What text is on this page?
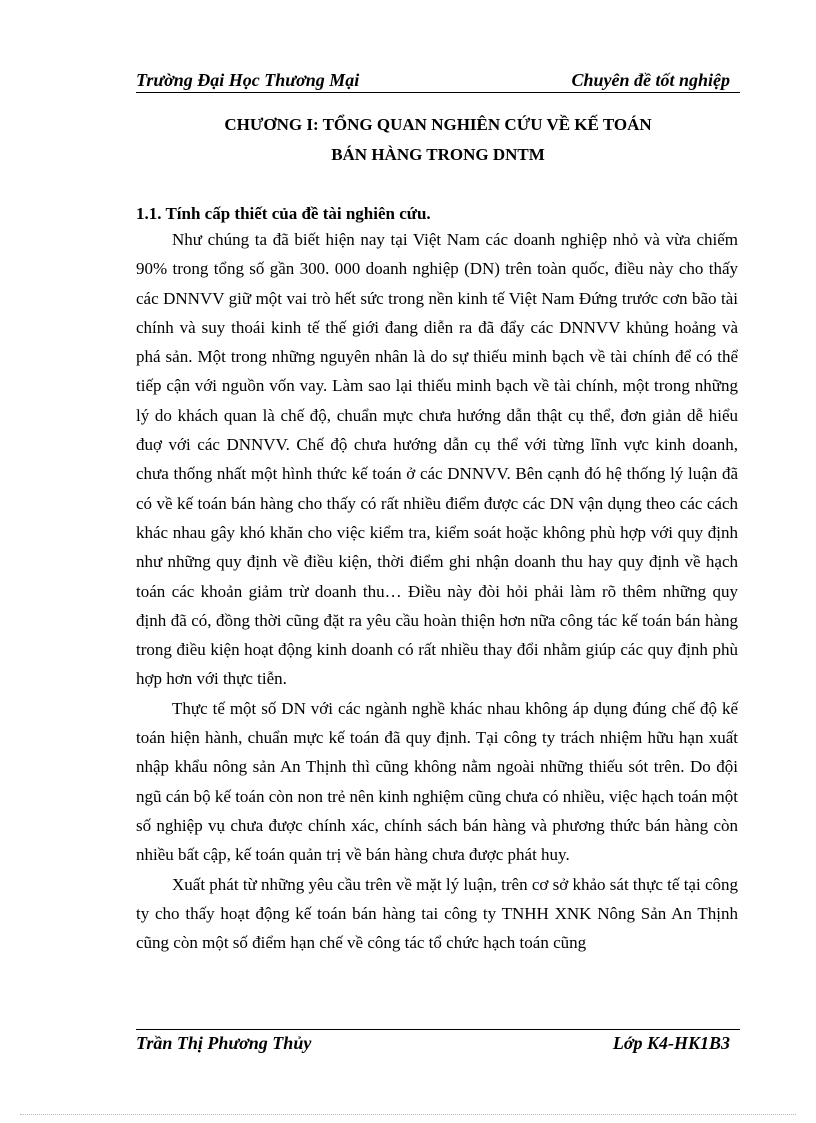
Trường Đại Học Thương Mại	Chuyên đề tốt nghiệp
CHƯƠNG I: TỔNG QUAN NGHIÊN CỨU VỀ KẾ TOÁN
BÁN HÀNG TRONG DNTM
1.1. Tính cấp thiết của đề tài nghiên cứu.

Như chúng ta đã biết hiện nay tại Việt Nam các doanh nghiệp nhỏ và vừa chiếm 90% trong tổng số gần 300. 000 doanh nghiệp (DN) trên toàn quốc, điều này cho thấy các DNNVV giữ một vai trò hết sức trong nền kinh tế Việt Nam Đứng trước cơn bão tài chính và suy thoái kinh tế thế giới đang diễn ra đã đẩy các DNNVV khủng hoảng và phá sản. Một trong những nguyên nhân là do sự thiếu minh bạch về tài chính để có thể tiếp cận với nguồn vốn vay. Làm sao lại thiếu minh bạch về tài chính, một trong những lý do khách quan là chế độ, chuẩn mực chưa hướng dẫn thật cụ thể, đơn giản dễ hiểu đuợ với các DNNVV. Chế độ chưa hướng dẫn cụ thể với từng lĩnh vực kinh doanh, chưa thống nhất một hình thức kế toán ở các DNNVV. Bên cạnh đó hệ thống lý luận đã có về kế toán bán hàng cho thấy có rất nhiều điểm được các DN vận dụng theo các cách khác nhau gây khó khăn cho việc kiểm tra, kiểm soát hoặc không phù hợp với quy định như những quy định về điều kiện, thời điểm ghi nhận doanh thu hay quy định về hạch toán các khoản giảm trừ doanh thu… Điều này đòi hỏi phải làm rõ thêm những quy định đã có, đồng thời cũng đặt ra yêu cầu hoàn thiện hơn nữa công tác kế toán bán hàng trong điều kiện hoạt động kinh doanh có rất nhiều thay đổi nhằm giúp các quy định phù hợp hơn với thực tiễn.

Thực tế một số DN với các ngành nghề khác nhau không áp dụng đúng chế độ kế toán hiện hành, chuẩn mực kế toán đã quy định. Tại công ty trách nhiệm hữu hạn xuất nhập khẩu nông sản An Thịnh thì cũng không nằm ngoài những thiếu sót trên. Do đội ngũ cán bộ kế toán còn non trẻ nên kinh nghiệm cũng chưa có nhiều, việc hạch toán một số nghiệp vụ chưa được chính xác, chính sách bán hàng và phương thức bán hàng còn nhiều bất cập, kế toán quản trị về bán hàng chưa được phát huy.

Xuất phát từ những yêu cầu trên về mặt lý luận, trên cơ sở khảo sát thực tế tại công ty cho thấy hoạt động kế toán bán hàng tai công ty TNHH XNK Nông Sản An Thịnh cũng còn một số điểm hạn chế về công tác tổ chức hạch toán cũng

Trần Thị Phương Thủy	Lớp K4-HK1B3
